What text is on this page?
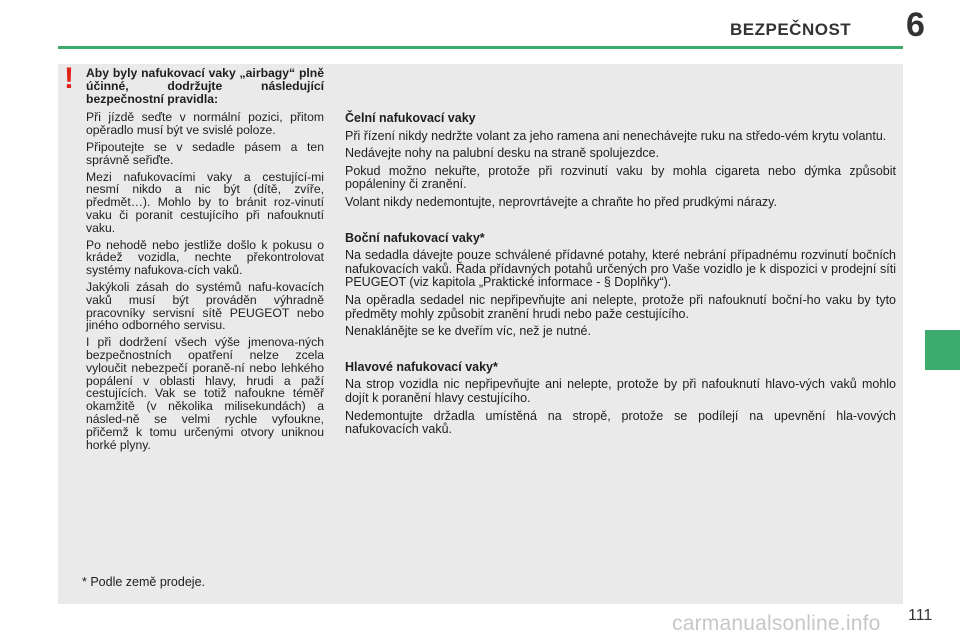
BEZPEČNOST 6
! Aby byly nafukovací vaky „airbagy“ plně účinné, dodržujte následující bezpečnostní pravidla:

Při jízdě seďte v normální pozici, přitom opěradlo musí být ve svislé poloze.

Připoutejte se v sedadle pásem a ten správně seřiďte.

Mezi nafukovacími vaky a cestující-mi nesmí nikdo a nic být (dítě, zvíře, předmět…). Mohlo by to bránit roz-vinutí vaku či poranit cestujícího při nafouknutí vaku.

Po nehodě nebo jestliže došlo k pokusu o krádež vozidla, nechte překontrolovat systémy nafukova-cích vaků.

Jakýkoli zásah do systémů nafu-kovacích vaků musí být prováděn výhradně pracovníky servisní sítě PEUGEOT nebo jiného odborného servisu.

I při dodržení všech výše jmenova-ných bezpečnostních opatření nelze zcela vyloučit nebezpečí poraně-ní nebo lehkého popálení v oblasti hlavy, hrudi a paží cestujících. Vak se totiž nafoukne téměř okamžitě (v několika milisekundách) a násled-ně se velmi rychle vyfoukne, přičemž k tomu určenými otvory uniknou horké plyny.

* Podle země prodeje.
Čelní nafukovací vaky

Při řízení nikdy nedržte volant za jeho ramena ani nenechávejte ruku na středo-vém krytu volantu.

Nedávejte nohy na palubní desku na straně spolujezdce.

Pokud možno nekuřte, protože při rozvinutí vaku by mohla cigareta nebo dýmka způsobit popáleniny či zranění.

Volant nikdy nedemontujte, neprovrtávejte a chraňte ho před prudkými nárazy.

Boční nafukovací vaky*

Na sedadla dávejte pouze schválené přídavné potahy, které nebrání případnému rozvinutí bočních nafukovacích vaků. Řada přídavných potahů určených pro Vaše vozidlo je k dispozici v prodejní síti PEUGEOT (viz kapitola „Praktické informace - § Doplňky“).

Na opěradla sedadel nic nepřipevňujte ani nelepte, protože při nafouknutí boční-ho vaku by tyto předměty mohly způsobit zranění hrudi nebo paže cestujícího.

Nenaklánějte se ke dveřím víc, než je nutné.

Hlavové nafukovací vaky*

Na strop vozidla nic nepřipevňujte ani nelepte, protože by při nafouknutí hlavo-vých vaků mohlo dojít k poranění hlavy cestujícího.

Nedemontujte držadla umístěná na stropě, protože se podílejí na upevnění hla-vových nafukovacích vaků.

carmanualsonline.info 111
